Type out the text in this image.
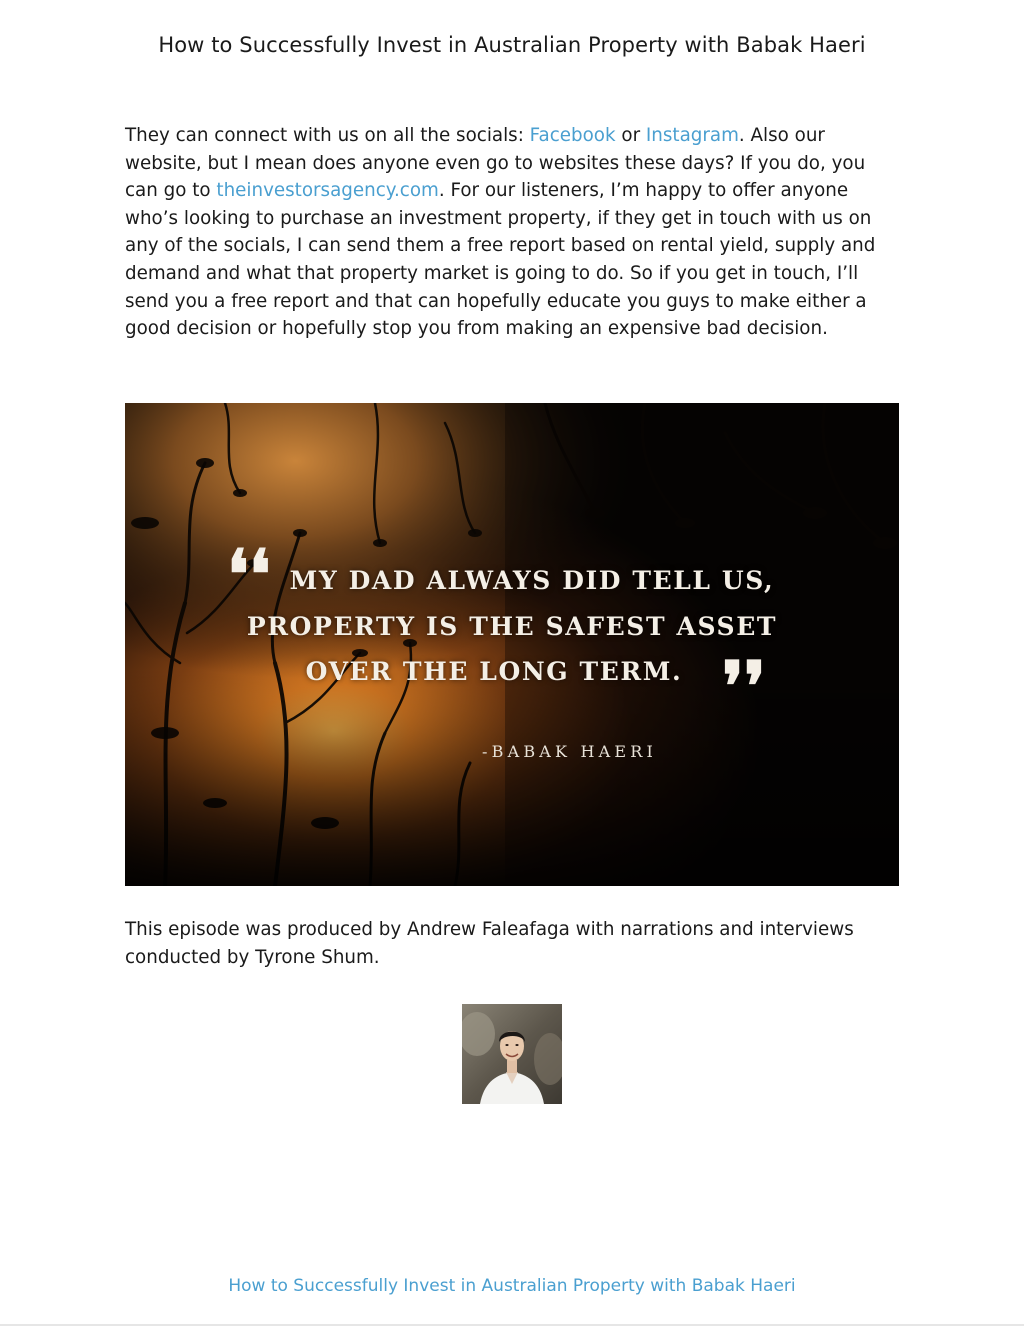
How to Successfully Invest in Australian Property with Babak Haeri

They can connect with us on all the socials: Facebook or Instagram. Also our website, but I mean does anyone even go to websites these days? If you do, you can go to theinvestorsagency.com. For our listeners, I’m happy to offer anyone who’s looking to purchase an investment property, if they get in touch with us on any of the socials, I can send them a free report based on rental yield, supply and demand and what that property market is going to do. So if you get in touch, I’ll send you a free report and that can hopefully educate you guys to make either a good decision or hopefully stop you from making an expensive bad decision.

❛❛ MY DAD ALWAYS DID TELL US,
PROPERTY IS THE SAFEST ASSET
OVER THE LONG TERM. ❜❜
-BABAK HAERI

This episode was produced by Andrew Faleafaga with narrations and interviews conducted by Tyrone Shum.

How to Successfully Invest in Australian Property with Babak Haeri
